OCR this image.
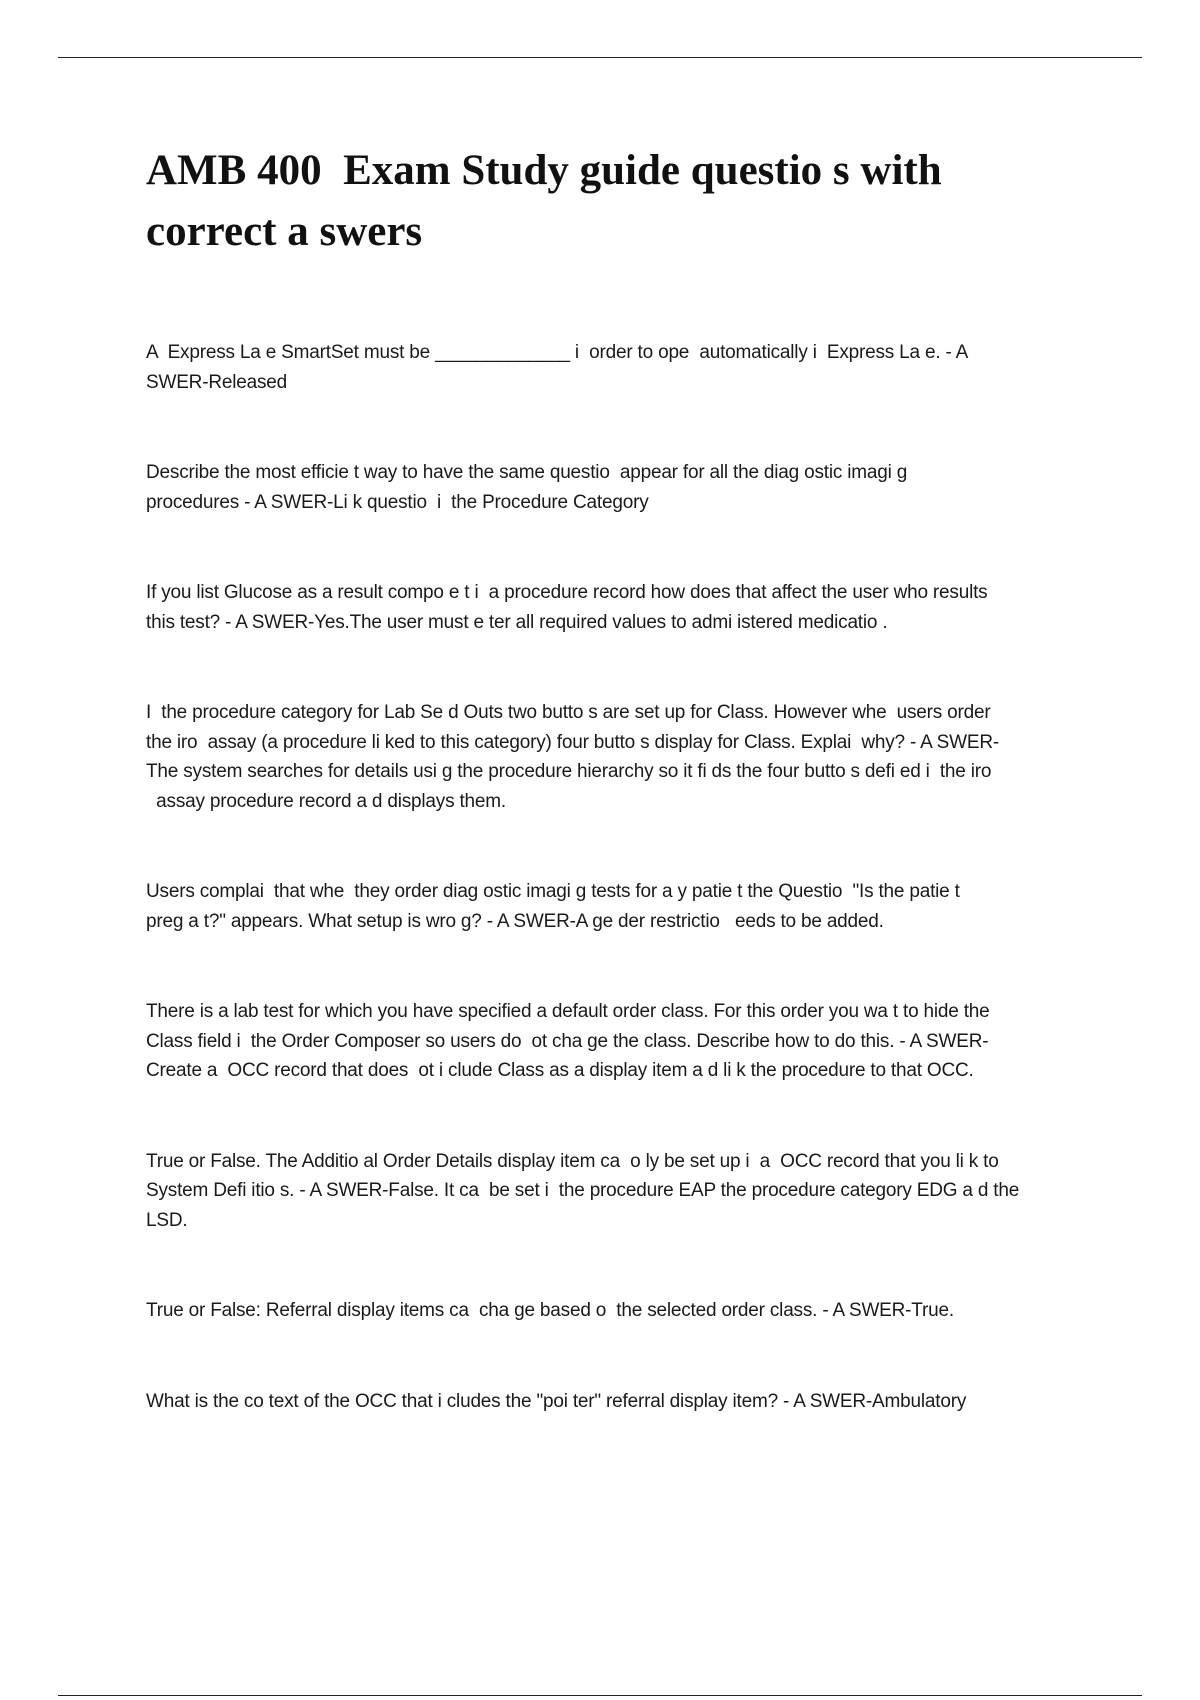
AMB 400  Exam Study guide questio s with
correct a swers
A  Express La e SmartSet must be _____________ i  order to ope  automatically i  Express La e. - A
SWER-Released
Describe the most efficie t way to have the same questio  appear for all the diag ostic imagi g
procedures - A SWER-Li k questio  i  the Procedure Category
If you list Glucose as a result compo e t i  a procedure record how does that affect the user who results
this test? - A SWER-Yes.The user must e ter all required values to admi istered medicatio .
I  the procedure category for Lab Se d Outs two butto s are set up for Class. However whe  users order
the iro  assay (a procedure li ked to this category) four butto s display for Class. Explai  why? - A SWER-
The system searches for details usi g the procedure hierarchy so it fi ds the four butto s defi ed i  the iro
assay procedure record a d displays them.
Users complai  that whe  they order diag ostic imagi g tests for a y patie t the Questio  "Is the patie t
preg a t?" appears. What setup is wro g? - A SWER-A ge der restrictio   eeds to be added.
There is a lab test for which you have specified a default order class. For this order you wa t to hide the
Class field i  the Order Composer so users do  ot cha ge the class. Describe how to do this. - A SWER-
Create a  OCC record that does  ot i clude Class as a display item a d li k the procedure to that OCC.
True or False. The Additio al Order Details display item ca  o ly be set up i  a  OCC record that you li k to
System Defi itio s. - A SWER-False. It ca  be set i  the procedure EAP the procedure category EDG a d the
LSD.
True or False: Referral display items ca  cha ge based o  the selected order class. - A SWER-True.
What is the co text of the OCC that i cludes the "poi ter" referral display item? - A SWER-Ambulatory
